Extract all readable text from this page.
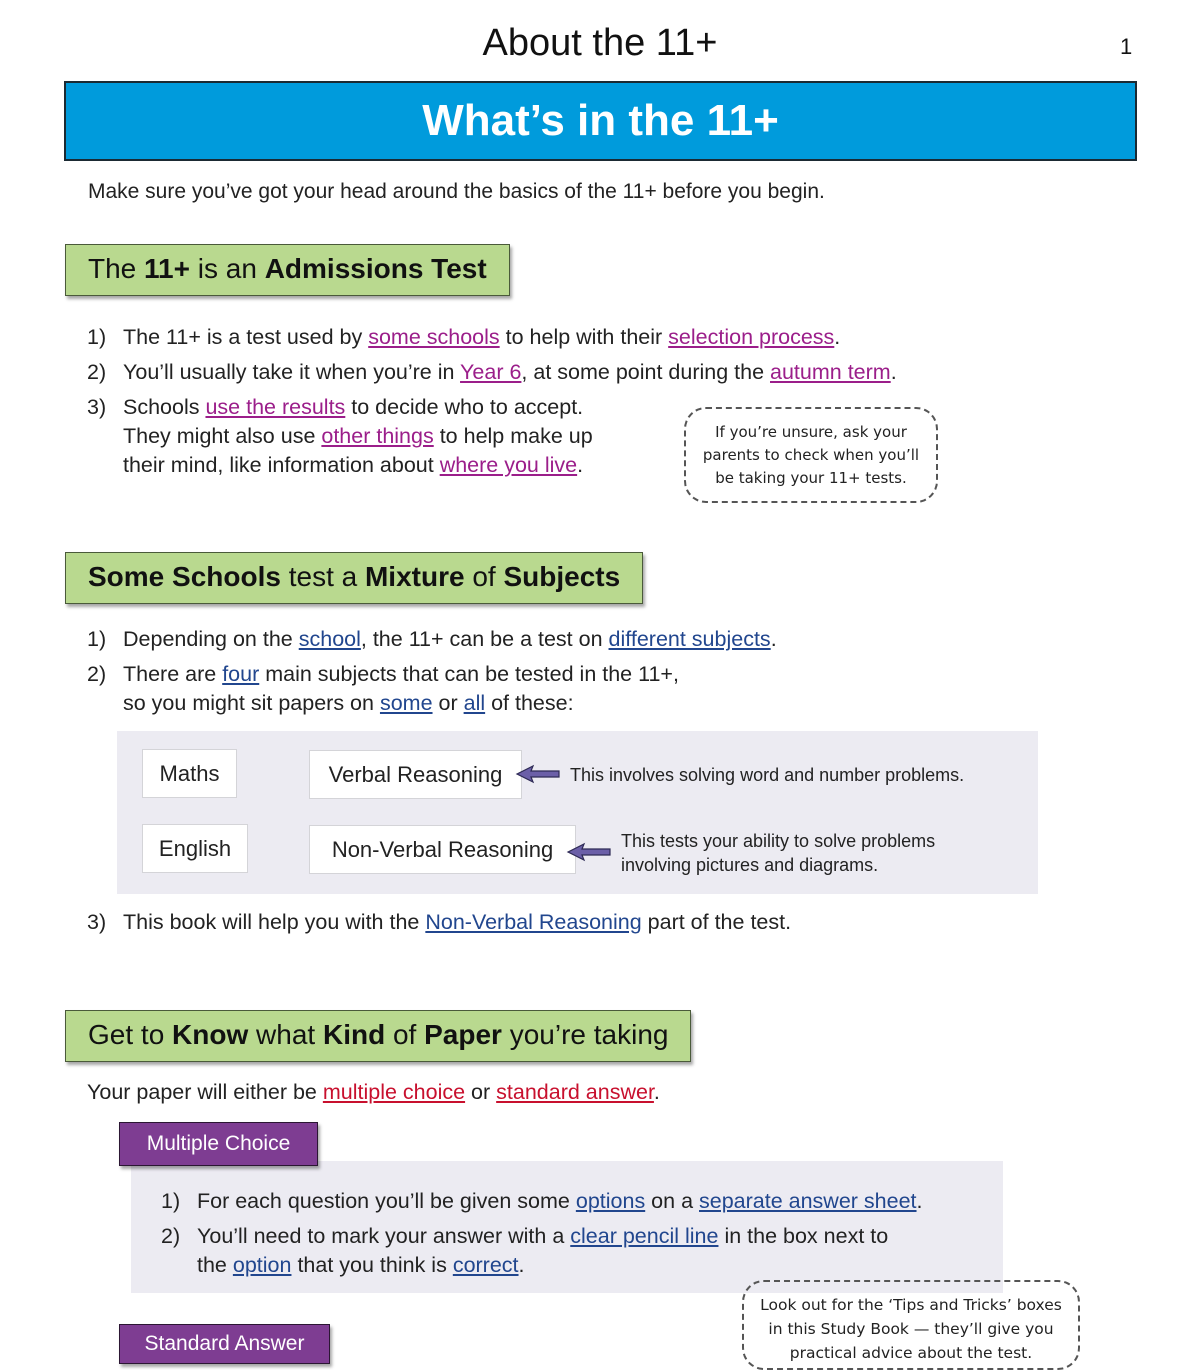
About the 11+	1
What’s in the 11+
Make sure you’ve got your head around the basics of the 11+ before you begin.
The 11+ is an Admissions Test
1) The 11+ is a test used by some schools to help with their selection process.
2) You’ll usually take it when you’re in Year 6, at some point during the autumn term.
3) Schools use the results to decide who to accept.
They might also use other things to help make up
their mind, like information about where you live.
If you’re unsure, ask your
parents to check when you’ll
be taking your 11+ tests.
Some Schools test a Mixture of Subjects
1) Depending on the school, the 11+ can be a test on different subjects.
2) There are four main subjects that can be tested in the 11+,
so you might sit papers on some or all of these:
Maths
English
Verbal Reasoning
Non-Verbal Reasoning
This involves solving word and number problems.
This tests your ability to solve problems
involving pictures and diagrams.
3) This book will help you with the Non-Verbal Reasoning part of the test.
Get to Know what Kind of Paper you’re taking
Your paper will either be multiple choice or standard answer.
Multiple Choice
1) For each question you’ll be given some options on a separate answer sheet.
2) You’ll need to mark your answer with a clear pencil line in the box next to
the option that you think is correct.
Standard Answer
Look out for the ‘Tips and Tricks’ boxes
in this Study Book — they’ll give you
practical advice about the test.
